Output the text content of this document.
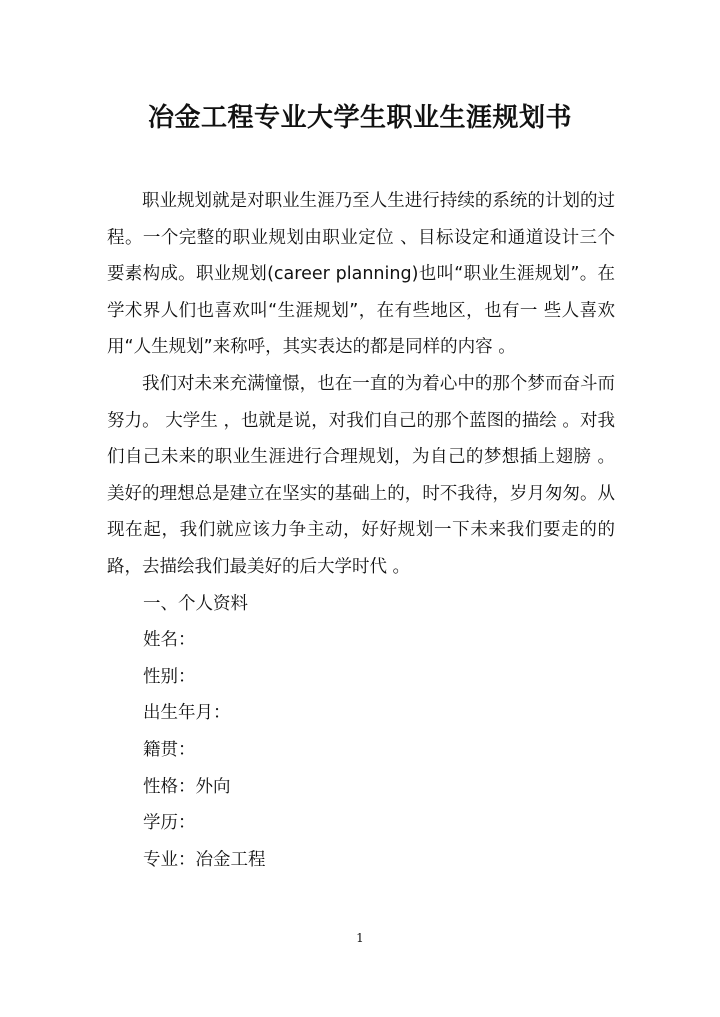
冶金工程专业大学生职业生涯规划书

职业规划就是对职业生涯乃至人生进行持续的系统的计划的过程。一个完整的职业规划由职业定位 、目标设定和通道设计三个要素构成。职业规划(career planning)也叫“职业生涯规划”。在学术界人们也喜欢叫“生涯规划”，在有些地区，也有一 些人喜欢用“人生规划”来称呼，其实表达的都是同样的内容 。

我们对未来充满憧憬，也在一直的为着心中的那个梦而奋斗而努力。 大学生 ，也就是说，对我们自己的那个蓝图的描绘 。对我们自己未来的职业生涯进行合理规划，为自己的梦想插上翅膀 。美好的理想总是建立在坚实的基础上的，时不我待，岁月匆匆。从现在起，我们就应该力争主动，好好规划一下未来我们要走的的路，去描绘我们最美好的后大学时代 。

一、个人资料

姓名：

性别：

出生年月：

籍贯：

性格：外向

学历：

专业：冶金工程

1
